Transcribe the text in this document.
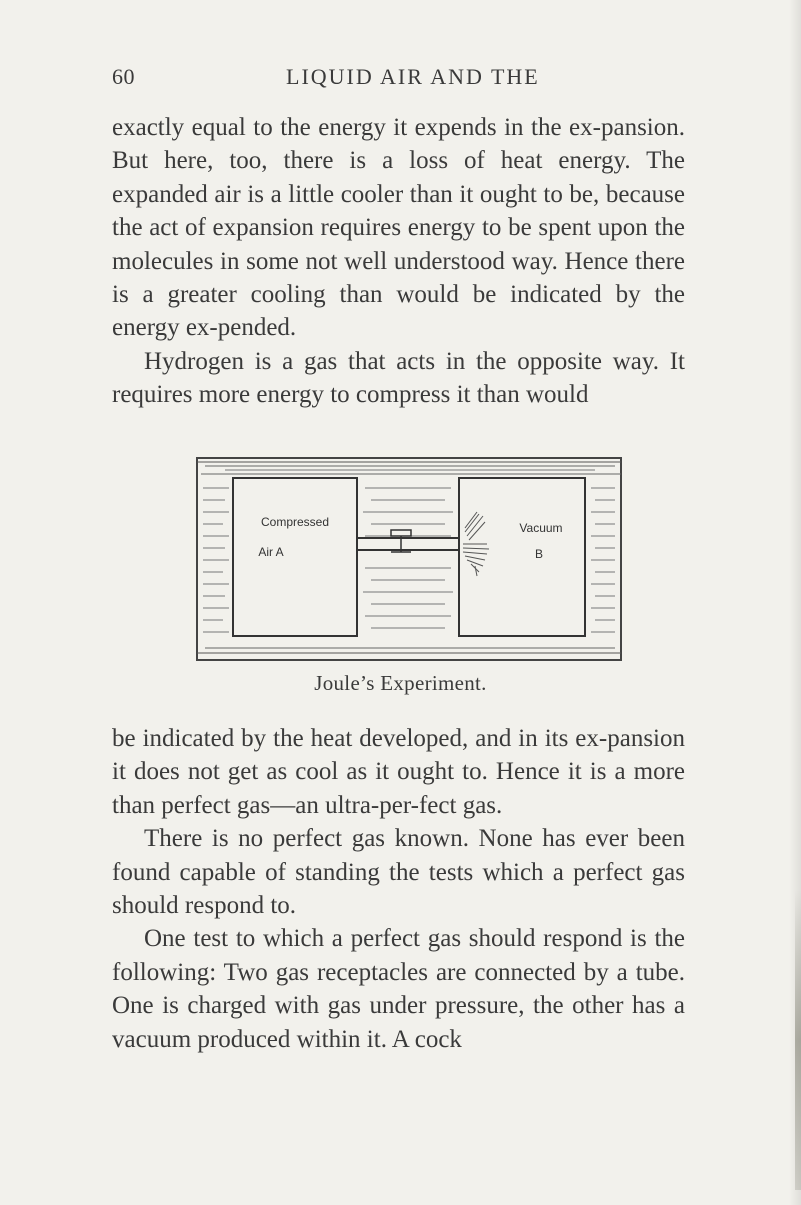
60	LIQUID AIR AND THE

exactly equal to the energy it expends in the ex-pansion. But here, too, there is a loss of heat energy. The expanded air is a little cooler than it ought to be, because the act of expansion requires energy to be spent upon the molecules in some not well understood way. Hence there is a greater cooling than would be indicated by the energy ex-pended.

Hydrogen is a gas that acts in the opposite way. It requires more energy to compress it than would

Compressed
Air A
Vacuum
B
Joule’s Experiment.

be indicated by the heat developed, and in its ex-pansion it does not get as cool as it ought to. Hence it is a more than perfect gas—an ultra-per-fect gas.

There is no perfect gas known. None has ever been found capable of standing the tests which a perfect gas should respond to.

One test to which a perfect gas should respond is the following: Two gas receptacles are connected by a tube. One is charged with gas under pressure, the other has a vacuum produced within it. A cock
